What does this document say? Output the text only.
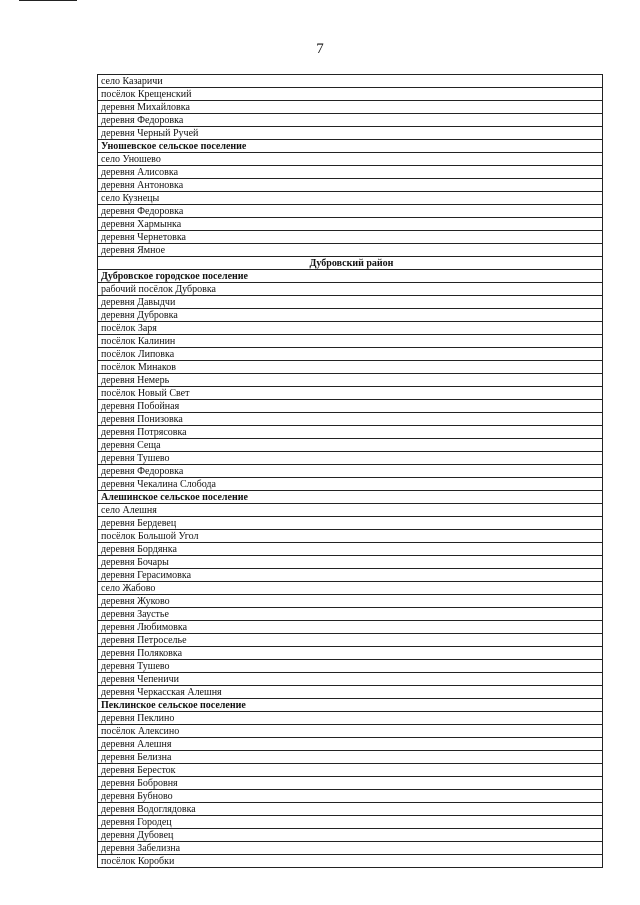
7
село Казаричи
посёлок Крещенский
деревня Михайловка
деревня Федоровка
деревня Черный Ручей
Уношевское сельское поселение
село Уношево
деревня Алисовка
деревня Антоновка
село Кузнецы
деревня Федоровка
деревня Хармынка
деревня Чернетовка
деревня Ямное
Дубровский район
Дубровское городское поселение
рабочий посёлок Дубровка
деревня Давыдчи
деревня Дубровка
посёлок Заря
посёлок Калинин
посёлок Липовка
посёлок Минаков
деревня Немерь
посёлок Новый Свет
деревня Побойная
деревня Понизовка
деревня Потрясовка
деревня Сеща
деревня Тушево
деревня Федоровка
деревня Чекалина Слобода
Алешинское сельское поселение
село Алешня
деревня Бердевец
посёлок Большой Угол
деревня Бордянка
деревня Бочары
деревня Герасимовка
село Жабово
деревня Жуково
деревня Заустье
деревня Любимовка
деревня Петроселье
деревня Поляковка
деревня Тушево
деревня Чепеничи
деревня Черкасская Алешня
Пеклинское сельское поселение
деревня Пеклино
посёлок Алексино
деревня Алешня
деревня Белизна
деревня Бересток
деревня Бобровня
деревня Бубново
деревня Водоглядовка
деревня Городец
деревня Дубовец
деревня Забелизна
посёлок Коробки
